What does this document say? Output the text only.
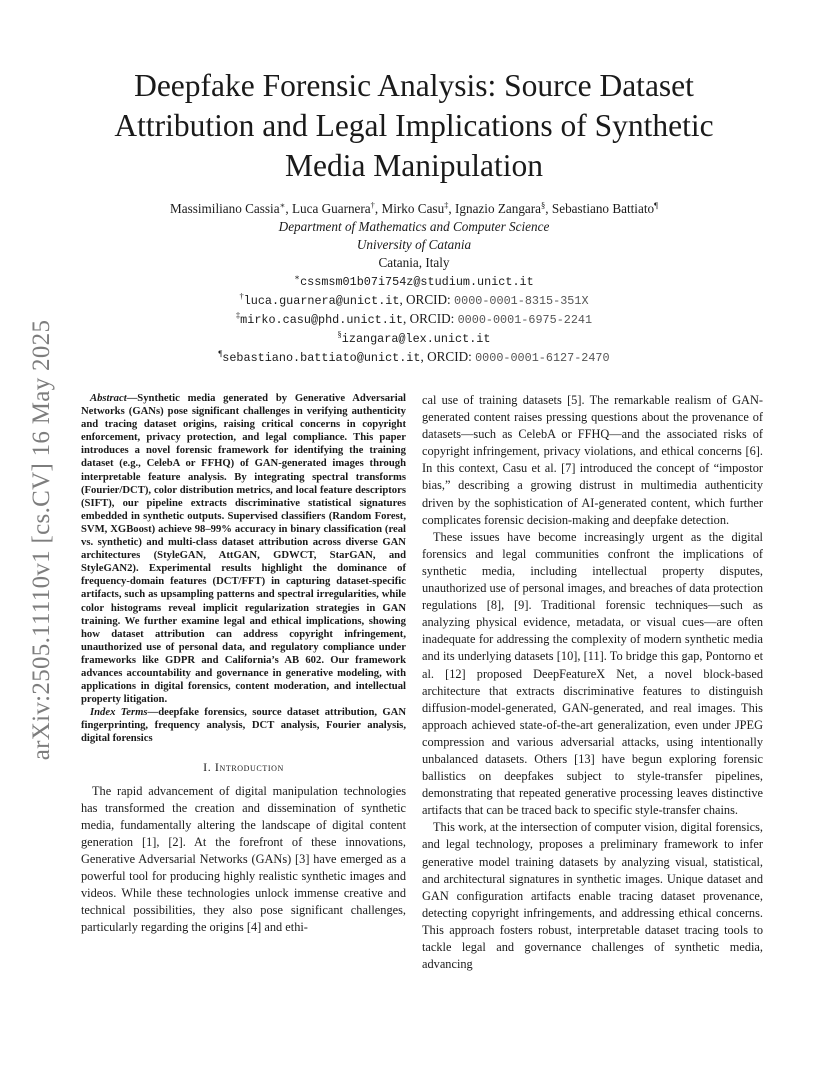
arXiv:2505.11110v1 [cs.CV] 16 May 2025
Deepfake Forensic Analysis: Source Dataset
Attribution and Legal Implications of Synthetic
Media Manipulation
Massimiliano Cassia∗, Luca Guarnera†, Mirko Casu‡, Ignazio Zangara§, Sebastiano Battiato¶
Department of Mathematics and Computer Science
University of Catania
Catania, Italy
∗cssmsm01b07i754z@studium.unict.it
†luca.guarnera@unict.it, ORCID: 0000-0001-8315-351X
‡mirko.casu@phd.unict.it, ORCID: 0000-0001-6975-2241
§izangara@lex.unict.it
¶sebastiano.battiato@unict.it, ORCID: 0000-0001-6127-2470

Abstract—Synthetic media generated by Generative Adversarial Networks (GANs) pose significant challenges in verifying authenticity and tracing dataset origins, raising critical concerns in copyright enforcement, privacy protection, and legal compliance. This paper introduces a novel forensic framework for identifying the training dataset (e.g., CelebA or FFHQ) of GAN-generated images through interpretable feature analysis. By integrating spectral transforms (Fourier/DCT), color distribution metrics, and local feature descriptors (SIFT), our pipeline extracts discriminative statistical signatures embedded in synthetic outputs. Supervised classifiers (Random Forest, SVM, XGBoost) achieve 98–99% accuracy in binary classification (real vs. synthetic) and multi-class dataset attribution across diverse GAN architectures (StyleGAN, AttGAN, GDWCT, StarGAN, and StyleGAN2). Experimental results highlight the dominance of frequency-domain features (DCT/FFT) in capturing dataset-specific artifacts, such as upsampling patterns and spectral irregularities, while color histograms reveal implicit regularization strategies in GAN training. We further examine legal and ethical implications, showing how dataset attribution can address copyright infringement, unauthorized use of personal data, and regulatory compliance under frameworks like GDPR and California’s AB 602. Our framework advances accountability and governance in generative modeling, with applications in digital forensics, content moderation, and intellectual property litigation.

Index Terms—deepfake forensics, source dataset attribution, GAN fingerprinting, frequency analysis, DCT analysis, Fourier analysis, digital forensics

I. Introduction

The rapid advancement of digital manipulation technologies has transformed the creation and dissemination of synthetic media, fundamentally altering the landscape of digital content generation [1], [2]. At the forefront of these innovations, Generative Adversarial Networks (GANs) [3] have emerged as a powerful tool for producing highly realistic synthetic images and videos. While these technologies unlock immense creative and technical possibilities, they also pose significant challenges, particularly regarding the origins [4] and ethi-

cal use of training datasets [5]. The remarkable realism of GAN-generated content raises pressing questions about the provenance of datasets—such as CelebA or FFHQ—and the associated risks of copyright infringement, privacy violations, and ethical concerns [6]. In this context, Casu et al. [7] introduced the concept of “impostor bias,” describing a growing distrust in multimedia authenticity driven by the sophistication of AI-generated content, which further complicates forensic decision-making and deepfake detection.

These issues have become increasingly urgent as the digital forensics and legal communities confront the implications of synthetic media, including intellectual property disputes, unauthorized use of personal images, and breaches of data protection regulations [8], [9]. Traditional forensic techniques—such as analyzing physical evidence, metadata, or visual cues—are often inadequate for addressing the complexity of modern synthetic media and its underlying datasets [10], [11]. To bridge this gap, Pontorno et al. [12] proposed DeepFeatureX Net, a novel block-based architecture that extracts discriminative features to distinguish diffusion-model-generated, GAN-generated, and real images. This approach achieved state-of-the-art generalization, even under JPEG compression and various adversarial attacks, using intentionally unbalanced datasets. Others [13] have begun exploring forensic ballistics on deepfakes subject to style-transfer pipelines, demonstrating that repeated generative processing leaves distinctive artifacts that can be traced back to specific style-transfer chains.

This work, at the intersection of computer vision, digital forensics, and legal technology, proposes a preliminary framework to infer generative model training datasets by analyzing visual, statistical, and architectural signatures in synthetic images. Unique dataset and GAN configuration artifacts enable tracing dataset provenance, detecting copyright infringements, and addressing ethical concerns. This approach fosters robust, interpretable dataset tracing tools to tackle legal and governance challenges of synthetic media, advancing
